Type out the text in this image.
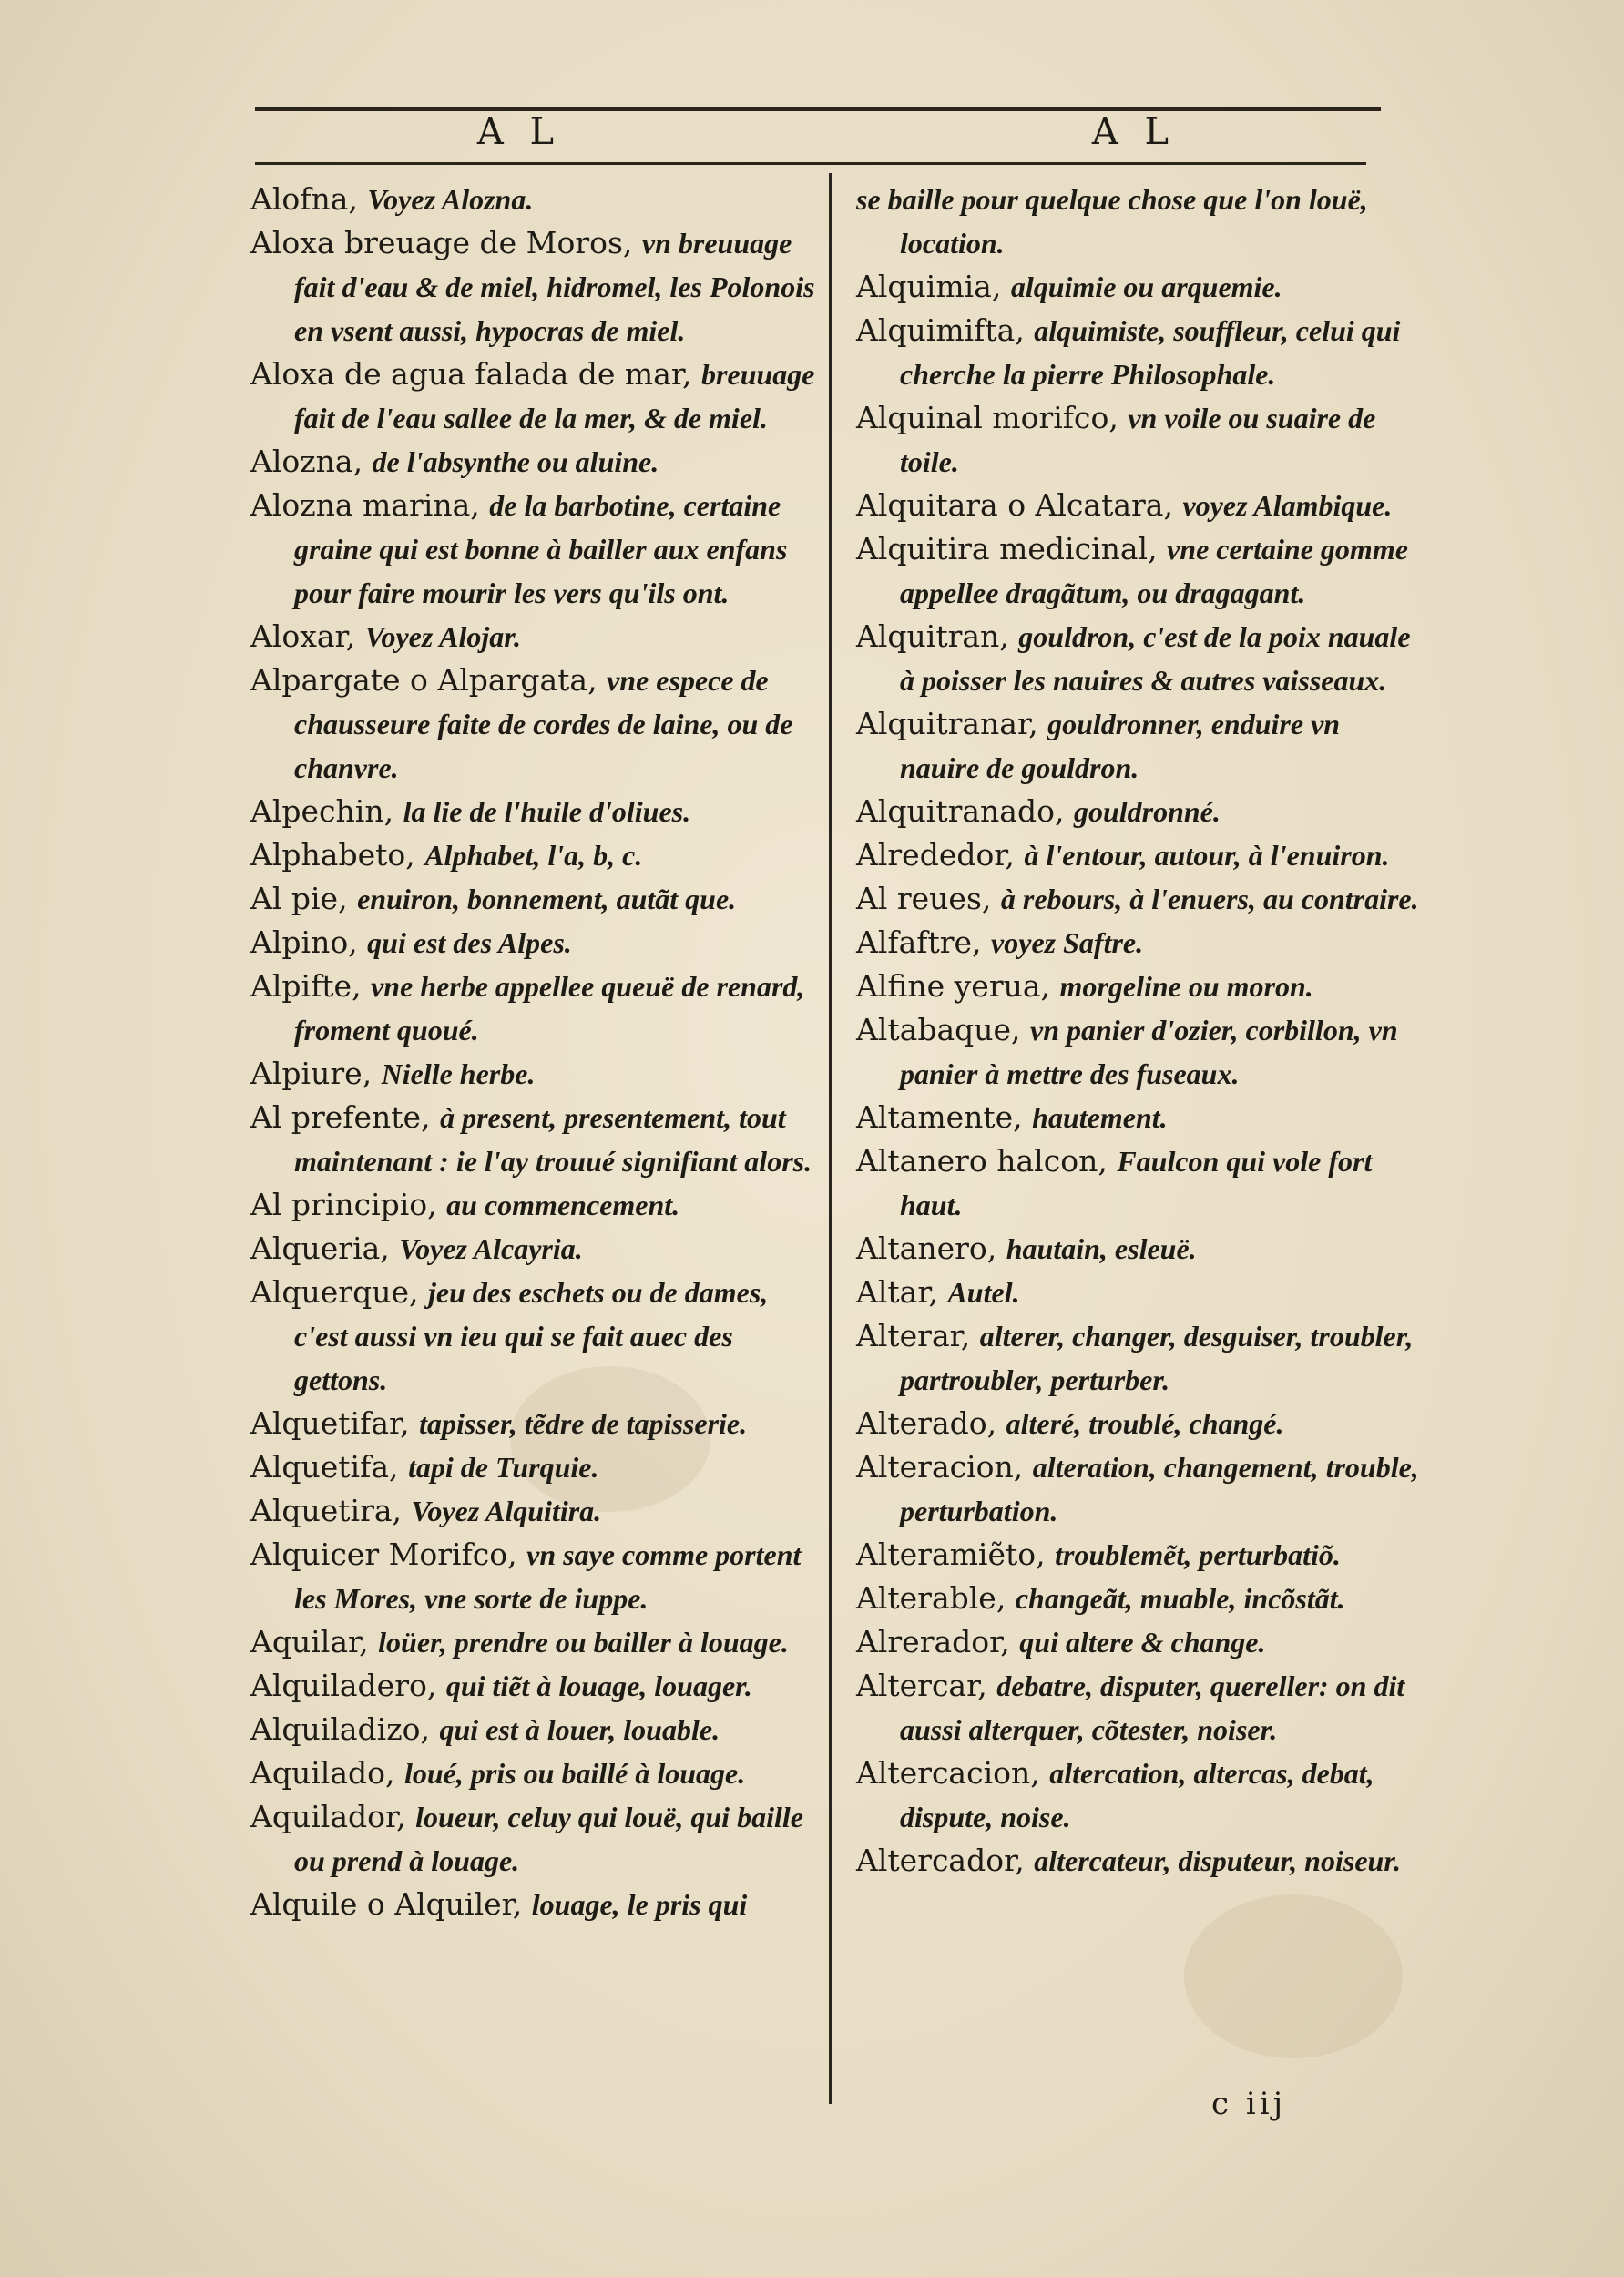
A L	A L

Alofna, Voyez Alozna.

Aloxa breuage de Moros, vn breuuage fait d'eau & de miel, hidromel, les Polonois en vsent aussi, hypocras de miel.

Aloxa de agua falada de mar, breuuage fait de l'eau sallee de la mer, & de miel.

Alozna, de l'absynthe ou aluine.

Alozna marina, de la barbotine, certaine graine qui est bonne à bailler aux enfans pour faire mourir les vers qu'ils ont.

Aloxar, Voyez Alojar.

Alpargate o Alpargata, vne espece de chausseure faite de cordes de laine, ou de chanvre.

Alpechin, la lie de l'huile d'oliues.

Alphabeto, Alphabet, l'a, b, c.

Al pie, enuiron, bonnement, autãt que.

Alpino, qui est des Alpes.

Alpifte, vne herbe appellee queuë de renard, froment quoué.

Alpiure, Nielle herbe.

Al prefente, à present, presentement, tout maintenant : ie l'ay trouué signifiant alors.

Al principio, au commencement.

Alqueria, Voyez Alcayria.

Alquerque, jeu des eschets ou de dames, c'est aussi vn ieu qui se fait auec des gettons.

Alquetifar, tapisser, tẽdre de tapisserie.

Alquetifa, tapi de Turquie.

Alquetira, Voyez Alquitira.

Alquicer Morifco, vn saye comme portent les Mores, vne sorte de iuppe.

Aquilar, loüer, prendre ou bailler à louage.

Alquiladero, qui tiẽt à louage, louager.

Alquiladizo, qui est à louer, louable.

Aquilado, loué, pris ou baillé à louage.

Aquilador, loueur, celuy qui louë, qui baille ou prend à louage.

Alquile o Alquiler, louage, le pris qui

se baille pour quelque chose que l'on louë, location.

Alquimia, alquimie ou arquemie.

Alquimifta, alquimiste, souffleur, celui qui cherche la pierre Philosophale.

Alquinal morifco, vn voile ou suaire de toile.

Alquitara o Alcatara, voyez Alambique.

Alquitira medicinal, vne certaine gomme appellee dragãtum, ou dragagant.

Alquitran, gouldron, c'est de la poix nauale à poisser les nauires & autres vaisseaux.

Alquitranar, gouldronner, enduire vn nauire de gouldron.

Alquitranado, gouldronné.

Alrededor, à l'entour, autour, à l'enuiron.

Al reues, à rebours, à l'enuers, au contraire.

Alfaftre, voyez Saftre.

Alfine yerua, morgeline ou moron.

Altabaque, vn panier d'ozier, corbillon, vn panier à mettre des fuseaux.

Altamente, hautement.

Altanero halcon, Faulcon qui vole fort haut.

Altanero, hautain, esleuë.

Altar, Autel.

Alterar, alterer, changer, desguiser, troubler, partroubler, perturber.

Alterado, alteré, troublé, changé.

Alteracion, alteration, changement, trouble, perturbation.

Alteramiẽto, troublemẽt, perturbatiõ.

Alterable, changeãt, muable, incõstãt.

Alrerador, qui altere & change.

Altercar, debatre, disputer, quereller: on dit aussi alterquer, cõtester, noiser.

Altercacion, altercation, altercas, debat, dispute, noise.

Altercador, altercateur, disputeur, noiseur.

c iij
